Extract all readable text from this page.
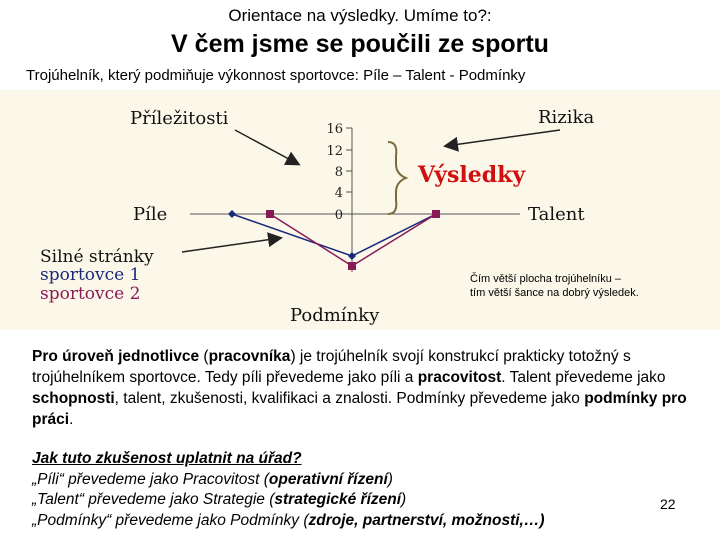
Orientace na výsledky. Umíme to?:
V čem jsme se poučili ze sportu
Trojúhelník, který podmiňuje výkonnost sportovce: Píle – Talent - Podmínky
16
12
8
4
0
Příležitosti	Rizika
Výsledky
Píle	Talent
Silné stránky
sportovce 1
sportovce 2
Podmínky
Čím větší plocha trojúhelníku –
tím větší šance na dobrý výsledek.
Pro úroveň jednotlivce (pracovníka) je trojúhelník svojí konstrukcí prakticky totožný s trojúhelníkem sportovce. Tedy píli převedeme jako píli a pracovitost. Talent převedeme jako schopnosti, talent, zkušenosti, kvalifikaci a znalosti. Podmínky převedeme jako podmínky pro práci.
Jak tuto zkušenost uplatnit na úřad?
„Píli“ převedeme jako Pracovitost (operativní řízení)
„Talent“ převedeme jako Strategie (strategické řízení)
„Podmínky“ převedeme jako Podmínky (zdroje, partnerství, možnosti,…)
22
